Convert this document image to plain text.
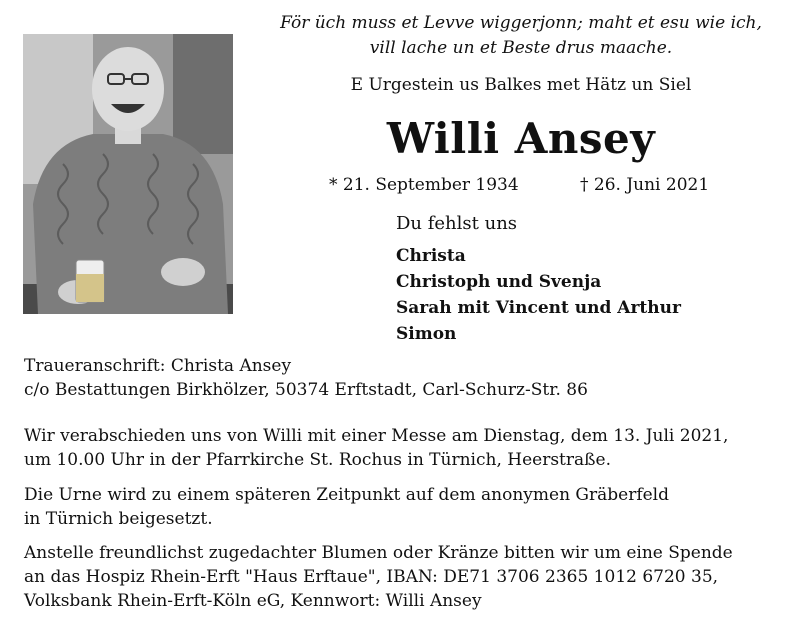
För üch muss et Levve wiggerjonn; maht et esu wie ich,
vill lache un et Beste drus maache.
E Urgestein us Balkes met Hätz un Siel
Willi Ansey
* 21. September 1934	† 26. Juni 2021
Du fehlst uns
Christa
Christoph und Svenja
Sarah mit Vincent und Arthur
Simon
Traueranschrift: Christa Ansey
c/o Bestattungen Birkhölzer, 50374 Erftstadt, Carl-Schurz-Str. 86
Wir verabschieden uns von Willi mit einer Messe am Dienstag, dem 13. Juli 2021,
um 10.00 Uhr in der Pfarrkirche St. Rochus in Türnich, Heerstraße.
Die Urne wird zu einem späteren Zeitpunkt auf dem anonymen Gräberfeld
in Türnich beigesetzt.
Anstelle freundlichst zugedachter Blumen oder Kränze bitten wir um eine Spende
an das Hospiz Rhein-Erft "Haus Erftaue", IBAN: DE71 3706 2365 1012 6720 35,
Volksbank Rhein-Erft-Köln eG, Kennwort: Willi Ansey
